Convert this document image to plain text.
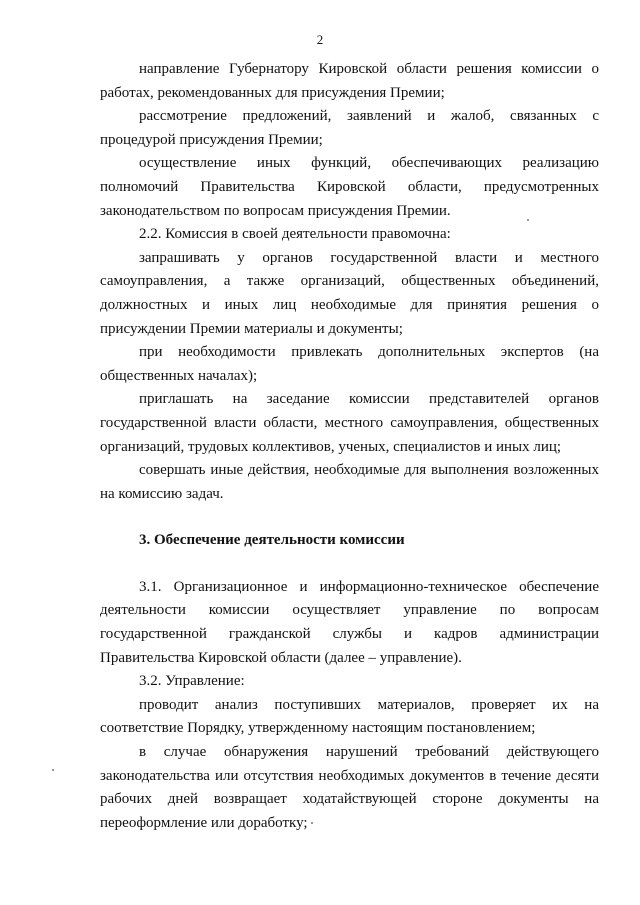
2

направление Губернатору Кировской области решения комиссии о работах, рекомендованных для присуждения Премии;

рассмотрение предложений, заявлений и жалоб, связанных с процедурой присуждения Премии;

осуществление иных функций, обеспечивающих реализацию полномочий Правительства Кировской области, предусмотренных законодательством по вопросам присуждения Премии.

2.2. Комиссия в своей деятельности правомочна:

запрашивать у органов государственной власти и местного самоуправления, а также организаций, общественных объединений, должностных и иных лиц необходимые для принятия решения о присуждении Премии материалы и документы;

при необходимости привлекать дополнительных экспертов (на общественных началах);

приглашать на заседание комиссии представителей органов государственной власти области, местного самоуправления, общественных организаций, трудовых коллективов, ученых, специалистов и иных лиц;

совершать иные действия, необходимые для выполнения возложенных на комиссию задач.

3. Обеспечение деятельности комиссии

3.1. Организационное и информационно-техническое обеспечение деятельности комиссии осуществляет управление по вопросам государственной гражданской службы и кадров администрации Правительства Кировской области (далее – управление).

3.2. Управление:

проводит анализ поступивших материалов, проверяет их на соответствие Порядку, утвержденному настоящим постановлением;

в случае обнаружения нарушений требований действующего законодательства или отсутствия необходимых документов в течение десяти рабочих дней возвращает ходатайствующей стороне документы на переоформление или доработку;
